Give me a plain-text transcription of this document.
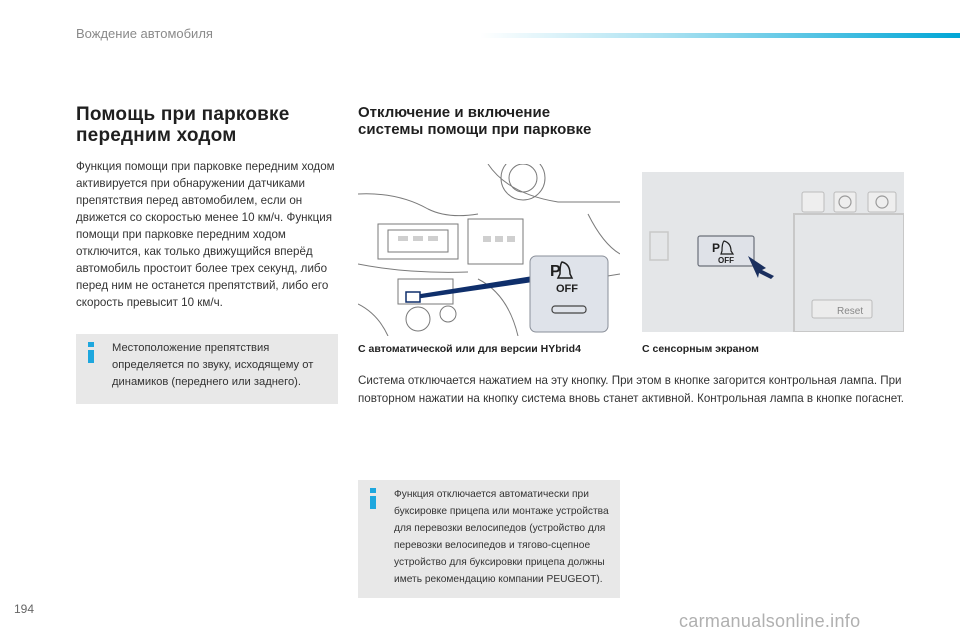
Вождение автомобиля
Помощь при парковке передним ходом

Функция помощи при парковке передним ходом активируется при обнаружении датчиками препятствия перед автомобилем, если он движется со скоростью менее 10 км/ч. Функция помощи при парковке передним ходом отключится, как только движущийся вперёд автомобиль простоит более трех секунд, либо перед ним не останется препятствий, либо его скорость превысит 10 км/ч.

Местоположение препятствия определяется по звуку, исходящему от динамиков (переднего или заднего).
Отключение и включение системы помощи при парковке
P
OFF
Reset
P
OFF
С автоматической или для версии HYbrid4	С сенсорным экраном

Система отключается нажатием на эту кнопку. При этом в кнопке загорится контрольная лампа. При повторном нажатии на кнопку система вновь станет активной. Контрольная лампа в кнопке погаснет.

Функция отключается автоматически при буксировке прицепа или монтаже устройства для перевозки велосипедов (устройство для перевозки велосипедов и тягово-сцепное устройство для буксировки прицепа должны иметь рекомендацию компании PEUGEOT).
194
carmanualsonline.info
